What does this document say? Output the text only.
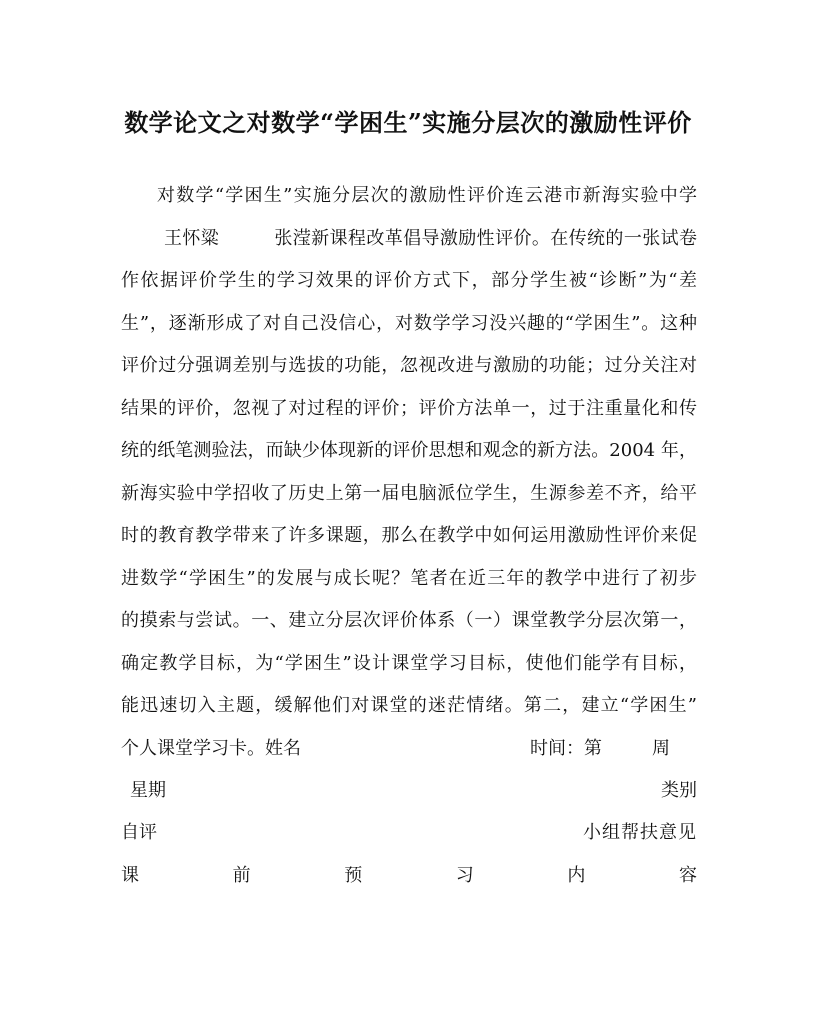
数学论文之对数学“学困生”实施分层次的激励性评价
对数学“学困生”实施分层次的激励性评价连云港市新海实验中学
王怀粱　　　张滢新课程改革倡导激励性评价。在传统的一张试卷
作依据评价学生的学习效果的评价方式下，部分学生被“诊断”为“差
生”，逐渐形成了对自己没信心，对数学学习没兴趣的“学困生”。这种
评价过分强调差别与选拔的功能，忽视改进与激励的功能；过分关注对
结果的评价，忽视了对过程的评价；评价方法单一，过于注重量化和传
统的纸笔测验法，而缺少体现新的评价思想和观念的新方法。2004 年，
新海实验中学招收了历史上第一届电脑派位学生，生源参差不齐，给平
时的教育教学带来了许多课题，那么在教学中如何运用激励性评价来促
进数学“学困生”的发展与成长呢？笔者在近三年的教学中进行了初步
的摸索与尝试。一、建立分层次评价体系（一）课堂教学分层次第一，
确定教学目标，为“学困生”设计课堂学习目标，使他们能学有目标，
能迅速切入主题，缓解他们对课堂的迷茫情绪。第二，建立“学困生”
个人课堂学习卡。姓名	时间：第	周
星期	类别
自评	小组帮扶意见
课	前	预	习	内	容
